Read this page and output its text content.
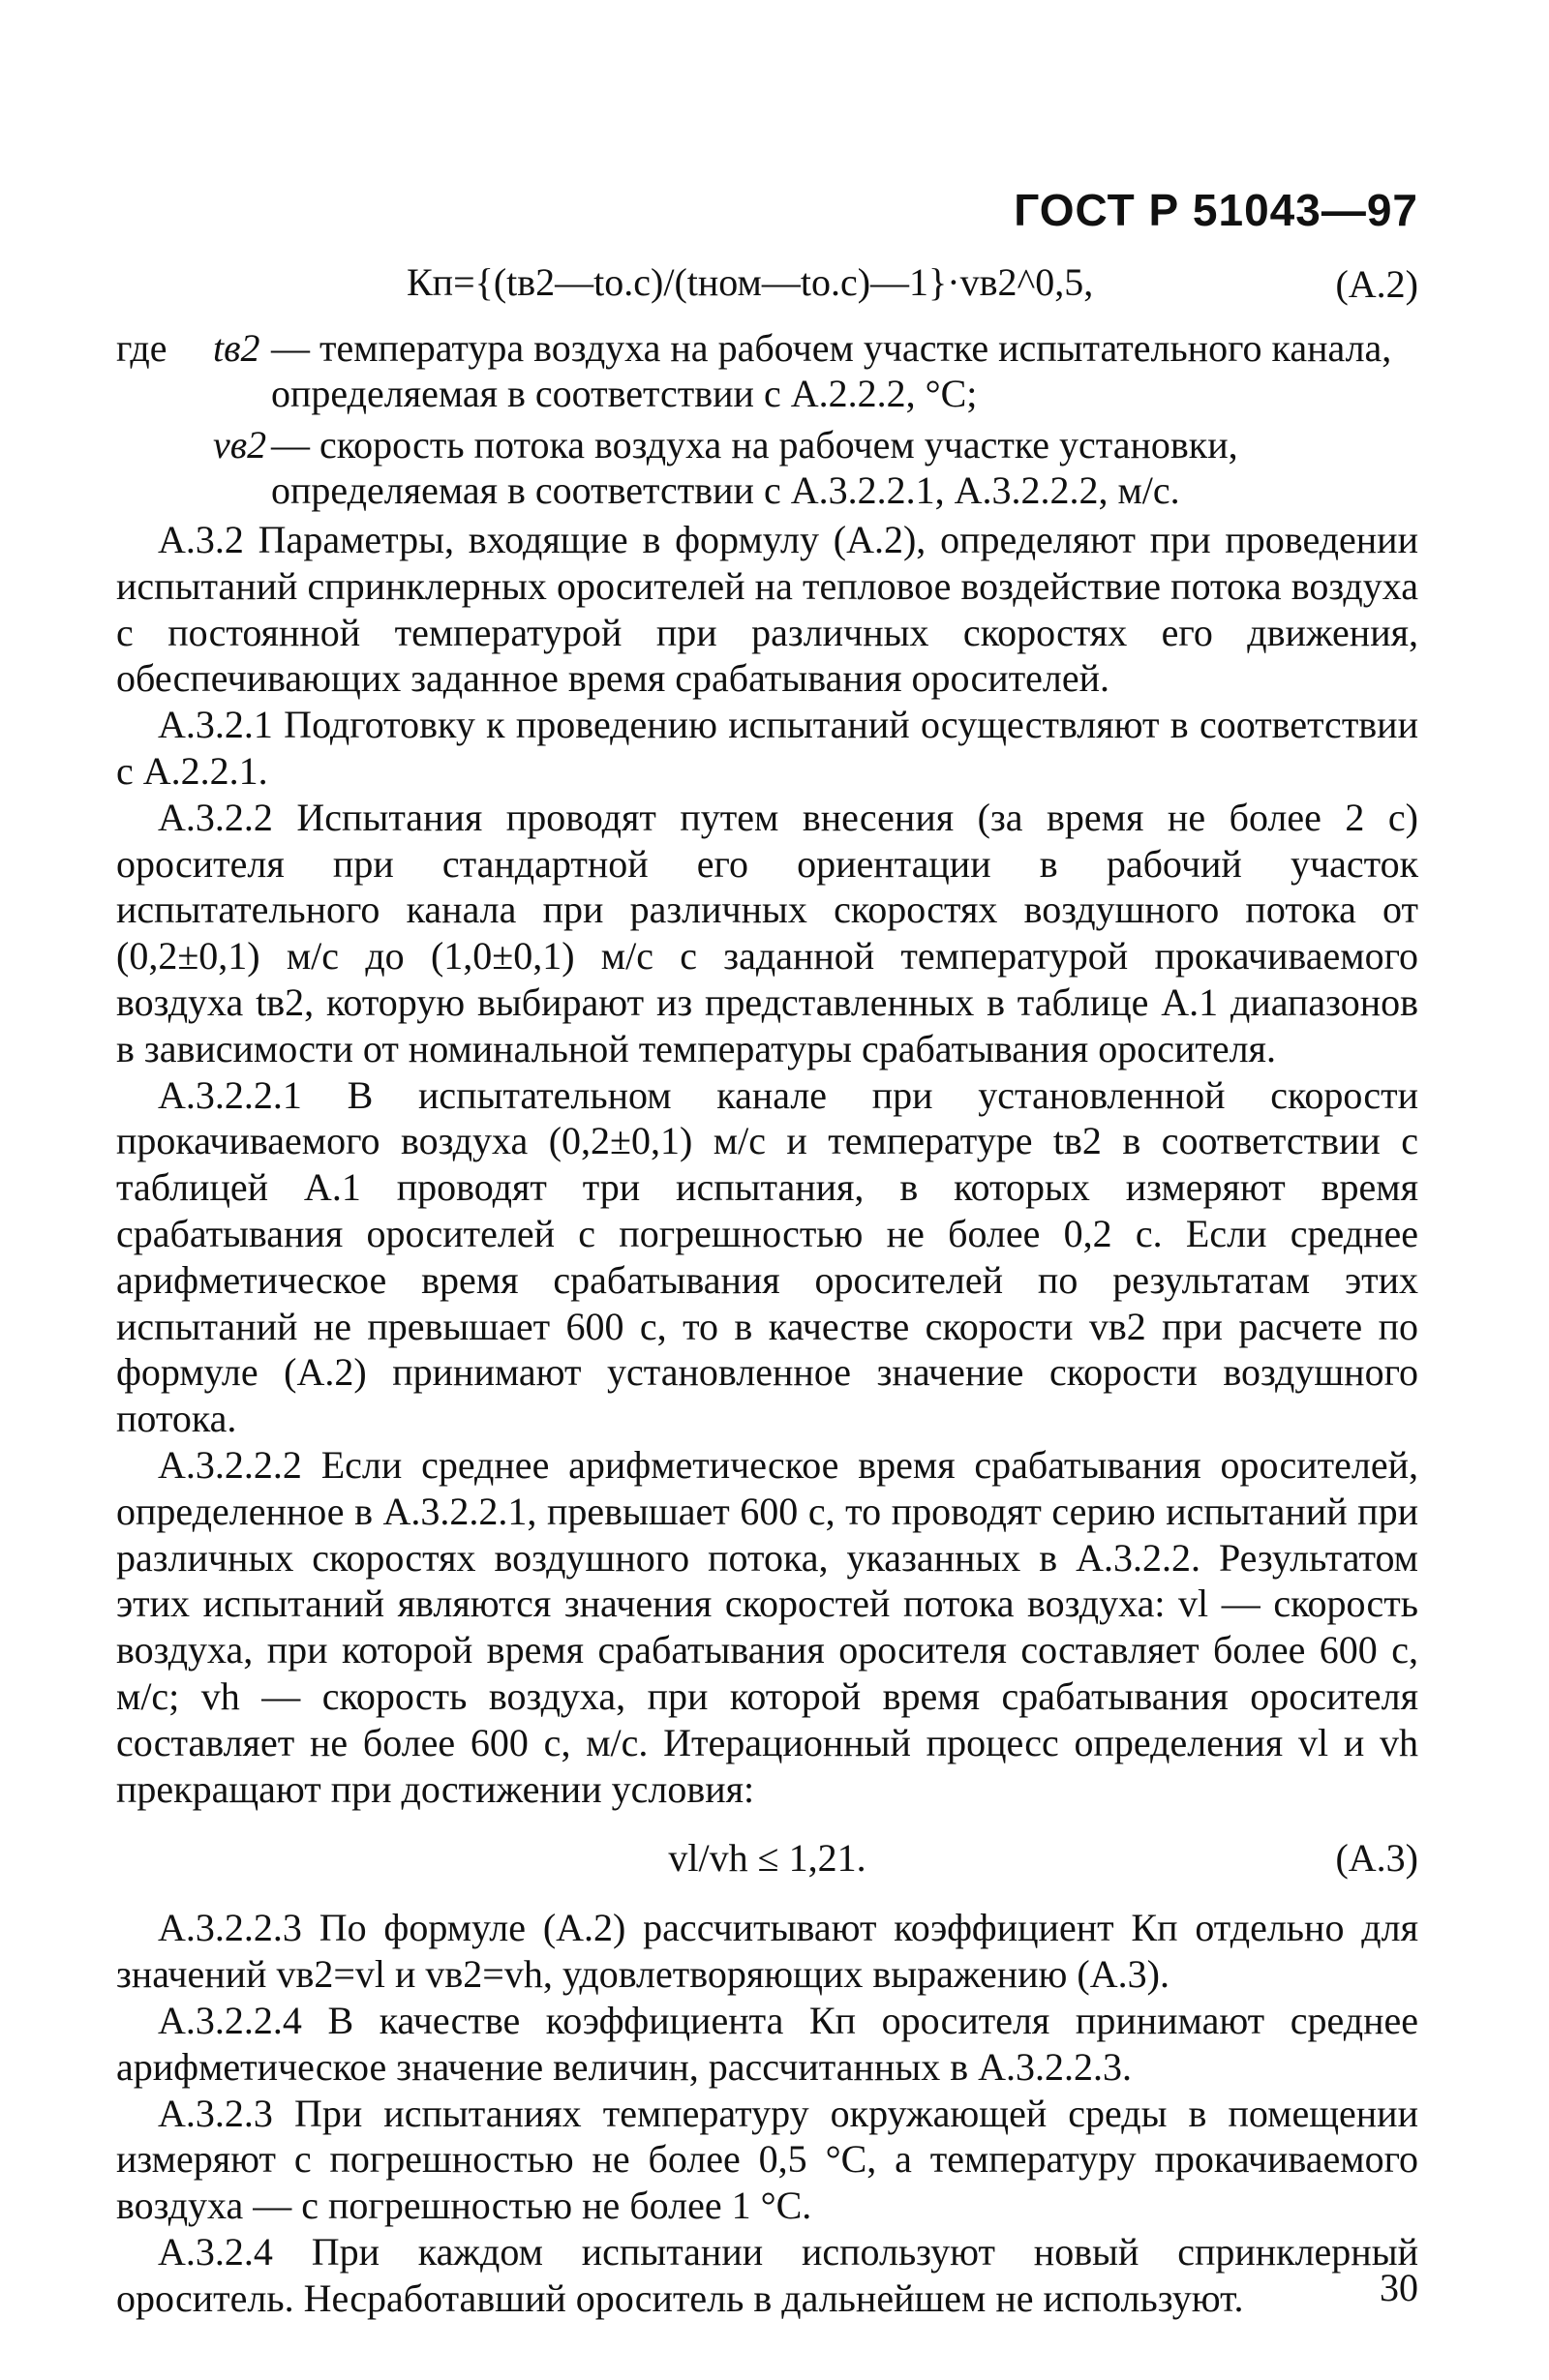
ГОСТ Р 51043—97
Кп={(tв2—tо.с)/(tном—tо.с)—1}·vв2^0,5,	(А.2)
где	tв2 — температура воздуха на рабочем участке испытательного канала, определяемая в соответствии с А.2.2.2, °С;
vв2 — скорость потока воздуха на рабочем участке установки, определяемая в соответствии с А.3.2.2.1, А.3.2.2.2, м/с.

А.3.2 Параметры, входящие в формулу (А.2), определяют при проведении испытаний спринклерных оросителей на тепловое воздействие потока воздуха с постоянной температурой при различных скоростях его движения, обеспечивающих заданное время срабатывания оросителей.

А.3.2.1 Подготовку к проведению испытаний осуществляют в соответствии с А.2.2.1.

А.3.2.2 Испытания проводят путем внесения (за время не более 2 с) оросителя при стандартной его ориентации в рабочий участок испытательного канала при различных скоростях воздушного потока от (0,2±0,1) м/с до (1,0±0,1) м/с с заданной температурой прокачиваемого воздуха tв2, которую выбирают из представленных в таблице А.1 диапазонов в зависимости от номинальной температуры срабатывания оросителя.

А.3.2.2.1 В испытательном канале при установленной скорости прокачиваемого воздуха (0,2±0,1) м/с и температуре tв2 в соответствии с таблицей А.1 проводят три испытания, в которых измеряют время срабатывания оросителей с погрешностью не более 0,2 с. Если среднее арифметическое время срабатывания оросителей по результатам этих испытаний не превышает 600 с, то в качестве скорости vв2 при расчете по формуле (А.2) принимают установленное значение скорости воздушного потока.

А.3.2.2.2 Если среднее арифметическое время срабатывания оросителей, определенное в А.3.2.2.1, превышает 600 с, то проводят серию испытаний при различных скоростях воздушного потока, указанных в А.3.2.2. Результатом этих испытаний являются значения скоростей потока воздуха: vl — скорость воздуха, при которой время срабатывания оросителя составляет более 600 с, м/с; vh — скорость воздуха, при которой время срабатывания оросителя составляет не более 600 с, м/с. Итерационный процесс определения vl и vh прекращают при достижении условия:

vl/vh ≤ 1,21.	(А.3)

А.3.2.2.3 По формуле (А.2) рассчитывают коэффициент Кп отдельно для значений vв2=vl и vв2=vh, удовлетворяющих выражению (А.3).

А.3.2.2.4 В качестве коэффициента Кп оросителя принимают среднее арифметическое значение величин, рассчитанных в А.3.2.2.3.

А.3.2.3 При испытаниях температуру окружающей среды в помещении измеряют с погрешностью не более 0,5 °С, а температуру прокачиваемого воздуха — с погрешностью не более 1 °С.

А.3.2.4 При каждом испытании используют новый спринклерный ороситель. Несработавший ороситель в дальнейшем не используют.	30
